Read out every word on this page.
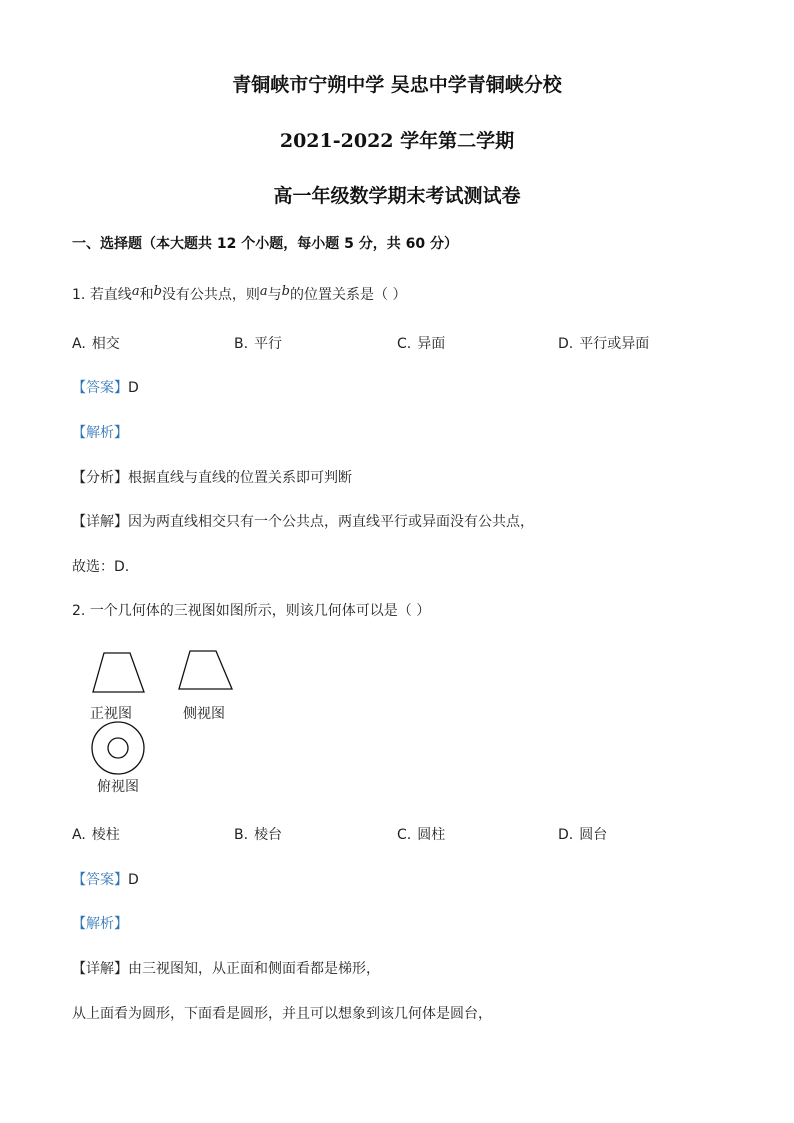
青铜峡市宁朔中学 吴忠中学青铜峡分校
2021-2022 学年第二学期
高一年级数学期末考试测试卷
一、选择题（本大题共 12 个小题，每小题 5 分，共 60 分）
1. 若直线a和b没有公共点，则a与b的位置关系是（ ）
A. 相交	B. 平行	C. 异面	D. 平行或异面
【答案】D
【解析】
【分析】根据直线与直线的位置关系即可判断
【详解】因为两直线相交只有一个公共点，两直线平行或异面没有公共点，
故选：D.
2. 一个几何体的三视图如图所示，则该几何体可以是（ ）
正视图	侧视图
俯视图
A. 棱柱	B. 棱台	C. 圆柱	D. 圆台
【答案】D
【解析】
【详解】由三视图知，从正面和侧面看都是梯形，
从上面看为圆形，下面看是圆形，并且可以想象到该几何体是圆台，
